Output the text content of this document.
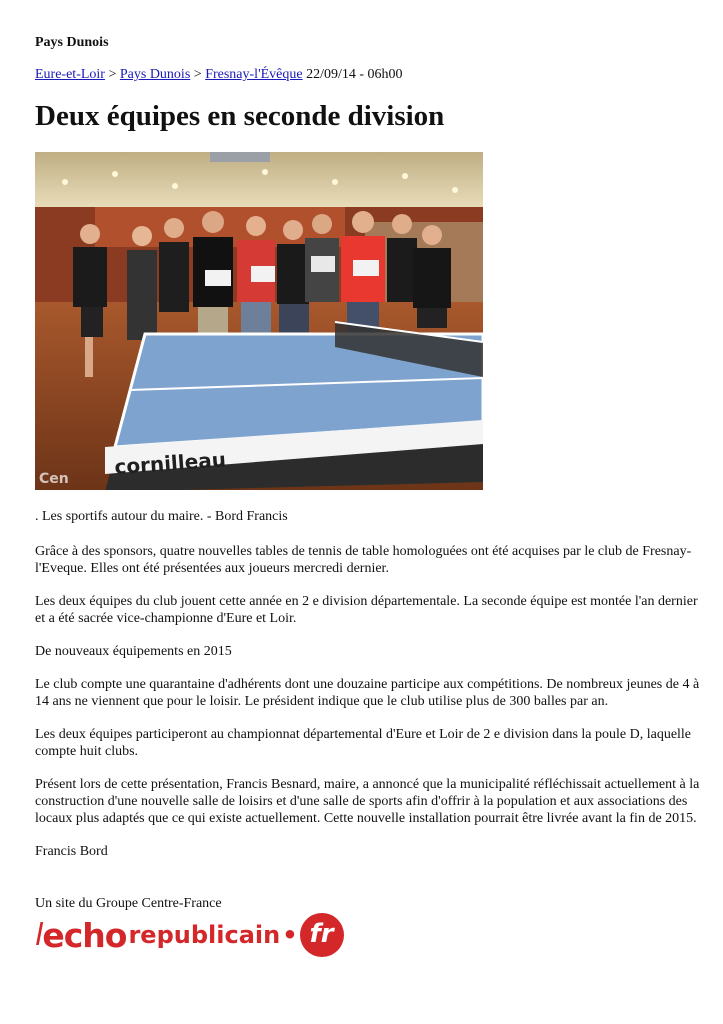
Pays Dunois
Eure-et-Loir > Pays Dunois > Fresnay-l'Évêque 22/09/14 - 06h00
Deux équipes en seconde division
cornilleau
Cen
. Les sportifs autour du maire. - Bord Francis

Grâce à des sponsors, quatre nouvelles tables de tennis de table homologuées ont été acquises par le club de Fresnay-l'Eveque. Elles ont été présentées aux joueurs mercredi dernier.

Les deux équipes du club jouent cette année en 2 e division départementale. La seconde équipe est montée l'an dernier et a été sacrée vice-championne d'Eure et Loir.

De nouveaux équipements en 2015

Le club compte une quarantaine d'adhérents dont une douzaine participe aux compétitions. De nombreux jeunes de 4 à 14 ans ne viennent que pour le loisir. Le président indique que le club utilise plus de 300 balles par an.

Les deux équipes participeront au championnat départemental d'Eure et Loir de 2 e division dans la poule D, laquelle compte huit clubs.

Présent lors de cette présentation, Francis Besnard, maire, a annoncé que la municipalité réfléchissait actuellement à la construction d'une nouvelle salle de loisirs et d'une salle de sports afin d'offrir à la population et aux associations des locaux plus adaptés que ce qui existe actuellement. Cette nouvelle installation pourrait être livrée avant la fin de 2015.

Francis Bord

Un site du Groupe Centre-France
l echo republicain • fr
